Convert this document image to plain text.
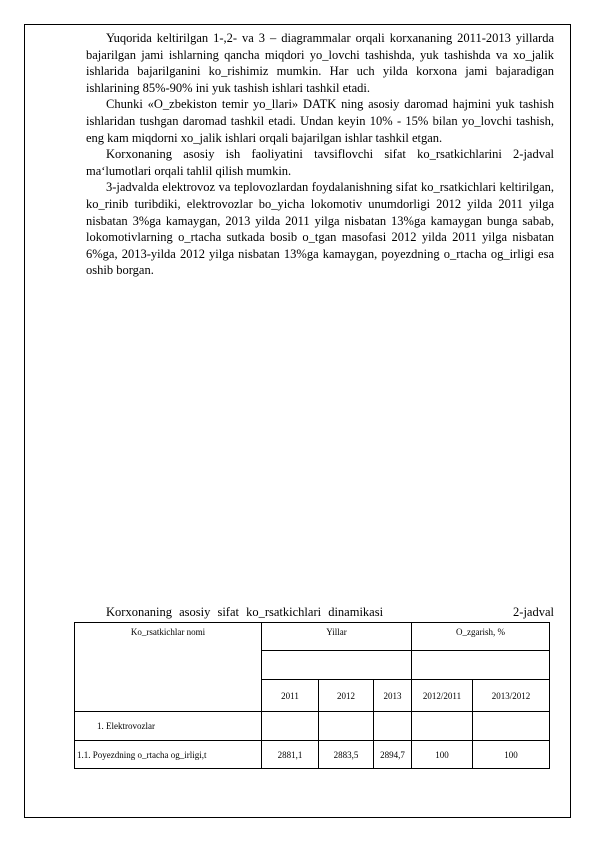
Yuqorida keltirilgan 1-,2- va 3 – diagrammalar orqali korxananing 2011-2013 yillarda bajarilgan jami ishlarning qancha miqdori yo_lovchi tashishda, yuk tashishda va xo_jalik ishlarida bajarilganini ko_rishimiz mumkin. Har uch yilda korxona jami bajaradigan ishlarining 85%-90% ini yuk tashish ishlari tashkil etadi.

Chunki «O_zbekiston temir yo_llari» DATK ning asosiy daromad hajmini yuk tashish ishlaridan tushgan daromad tashkil etadi. Undan keyin 10% - 15% bilan yo_lovchi tashish, eng kam miqdorni xo_jalik ishlari orqali bajarilgan ishlar tashkil etgan.

Korxonaning asosiy ish faoliyatini tavsiflovchi sifat ko_rsatkichlarini 2-jadval ma‘lumotlari orqali tahlil qilish mumkin.

3-jadvalda elektrovoz va teplovozlardan foydalanishning sifat ko_rsatkichlari keltirilgan, ko_rinib turibdiki, elektrovozlar bo_yicha lokomotiv unumdorligi 2012 yilda 2011 yilga nisbatan 3%ga kamaygan, 2013 yilda 2011 yilga nisbatan 13%ga kamaygan bunga sabab, lokomotivlarning o_rtacha sutkada bosib o_tgan masofasi 2012 yilda 2011 yilga nisbatan 6%ga, 2013-yilda 2012 yilga nisbatan 13%ga kamaygan, poyezdning o_rtacha og_irligi esa oshib borgan.

Korxonaning asosiy sifat ko_rsatkichlari dinamikasi	2-jadval
Ko_rsatkichlar nomi	Yillar			O_zgarish, %	

	2011	2012	2013	2012/2011	2013/2012
1. Elektrovozlar					
1.1. Poyezdning o_rtacha og_irligi,t	2881,1	2883,5	2894,7	100	100
